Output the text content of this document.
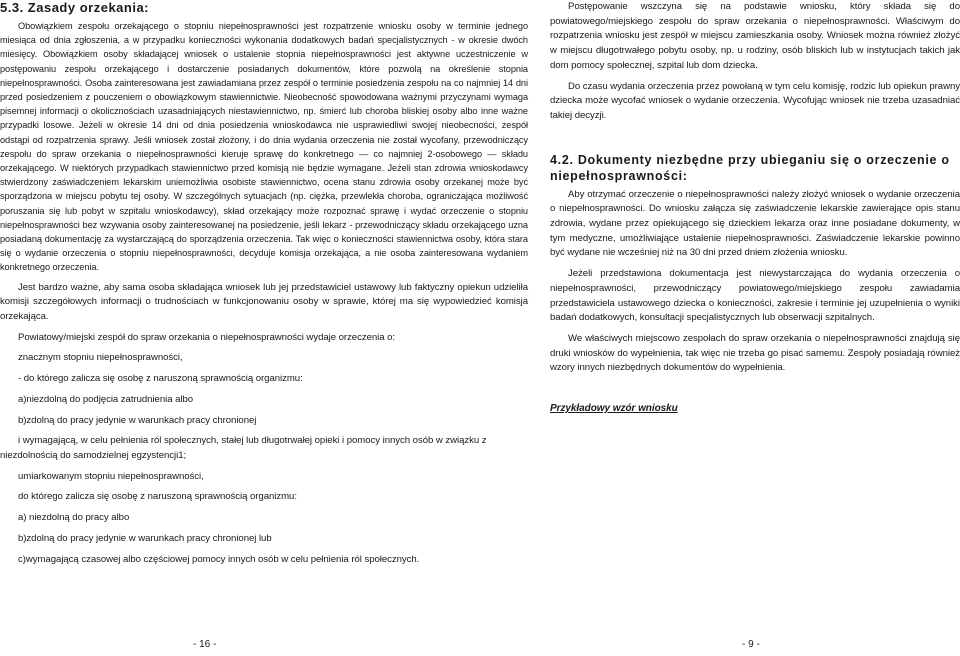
5.3. Zasady orzekania:

Obowiązkiem zespołu orzekającego o stopniu niepełnosprawności jest rozpatrzenie wniosku osoby w terminie jednego miesiąca od dnia zgłoszenia, a w przypadku konieczności wykonania dodatkowych badań specjalistycznych - w okresie dwóch miesięcy. Obowiązkiem osoby składającej wniosek o ustalenie stopnia niepełnosprawności jest aktywne uczestniczenie w postępowaniu zespołu orzekającego i dostarczenie posiadanych dokumentów, które pozwolą na określenie stopnia niepełnosprawności. Osoba zainteresowana jest zawiadamiana przez zespół o terminie posiedzenia zespołu na co najmniej 14 dni przed posiedzeniem z pouczeniem o obowiązkowym stawiennictwie. Nieobecność spowodowana ważnymi przyczynami wymaga pisemnej informacji o okolicznościach uzasadniających niestawiennictwo, np. śmierć lub choroba bliskiej osoby albo inne ważne przypadki losowe. Jeżeli w okresie 14 dni od dnia posiedzenia wnioskodawca nie usprawiedliwi swojej nieobecności, zespół odstąpi od rozpatrzenia sprawy. Jeśli wniosek został złożony, i do dnia wydania orzeczenia nie został wycofany, przewodniczący zespołu do spraw orzekania o niepełnosprawności kieruje sprawę do konkretnego — co najmniej 2-osobowego — składu orzekającego. W niektórych przypadkach stawiennictwo przed komisją nie będzie wymagane. Jeżeli stan zdrowia wnioskodawcy stwierdzony zaświadczeniem lekarskim uniemożliwia osobiste stawiennictwo, ocena stanu zdrowia osoby orzekanej może być sporządzona w miejscu pobytu tej osoby. W szczególnych sytuacjach (np. ciężka, przewlekła choroba, ograniczająca możliwość poruszania się lub pobyt w szpitalu wnioskodawcy), skład orzekający może rozpoznać sprawę i wydać orzeczenie o stopniu niepełnosprawności bez wzywania osoby zainteresowanej na posiedzenie, jeśli lekarz - przewodniczący składu orzekającego uzna posiadaną dokumentację za wystarczającą do sporządzenia orzeczenia. Tak więc o konieczności stawiennictwa osoby, która stara się o wydanie orzeczenia o stopniu niepełnosprawności, decyduje komisja orzekająca, a nie osoba zainteresowana wydaniem konkretnego orzeczenia.

Jest bardzo ważne, aby sama osoba składająca wniosek lub jej przedstawiciel ustawowy lub faktyczny opiekun udzieliła komisji szczegółowych informacji o trudnościach w funkcjonowaniu osoby w sprawie, której ma się wypowiedzieć komisja orzekająca.

Powiatowy/miejski zespół do spraw orzekania o niepełnosprawności wydaje orzeczenia o:

znacznym stopniu niepełnosprawności,

- do którego zalicza się osobę z naruszoną sprawnością organizmu:

a)niezdolną do podjęcia zatrudnienia albo

b)zdolną do pracy jedynie w warunkach pracy chronionej

i wymagającą, w celu pełnienia ról społecznych, stałej lub długotrwałej opieki i pomocy innych osób w związku z niezdolnością do samodzielnej egzystencji1;

umiarkowanym stopniu niepełnosprawności,

do którego zalicza się osobę z naruszoną sprawnością organizmu:

a) niezdolną do pracy albo

b)zdolną do pracy jedynie w warunkach pracy chronionej lub

c)wymagającą czasowej albo częściowej pomocy innych osób w celu pełnienia ról społecznych.

- 16 -

Postępowanie wszczyna się na podstawie wniosku, który składa się do powiatowego/miejskiego zespołu do spraw orzekania o niepełnosprawności. Właściwym do rozpatrzenia wniosku jest zespół w miejscu zamieszkania osoby. Wniosek można również złożyć w miejscu długotrwałego pobytu osoby, np. u rodziny, osób bliskich lub w instytucjach takich jak dom pomocy społecznej, szpital lub dom dziecka.

Do czasu wydania orzeczenia przez powołaną w tym celu komisję, rodzic lub opiekun prawny dziecka może wycofać wniosek o wydanie orzeczenia. Wycofując wniosek nie trzeba uzasadniać takiej decyzji.

4.2. Dokumenty niezbędne przy ubieganiu się o orzeczenie o niepełnosprawności:

Aby otrzymać orzeczenie o niepełnosprawności należy złożyć wniosek o wydanie orzeczenia o niepełnosprawności. Do wniosku załącza się zaświadczenie lekarskie zawierające opis stanu zdrowia, wydane przez opiekującego się dzieckiem lekarza oraz inne posiadane dokumenty, w tym medyczne, umożliwiające ustalenie niepełnosprawności. Zaświadczenie lekarskie powinno być wydane nie wcześniej niż na 30 dni przed dniem złożenia wniosku.

Jeżeli przedstawiona dokumentacja jest niewystarczająca do wydania orzeczenia o niepełnosprawności, przewodniczący powiatowego/miejskiego zespołu zawiadamia przedstawiciela ustawowego dziecka o konieczności, zakresie i terminie jej uzupełnienia o wyniki badań dodatkowych, konsultacji specjalistycznych lub obserwacji szpitalnych.

We właściwych miejscowo zespołach do spraw orzekania o niepełnosprawności znajdują się druki wniosków do wypełnienia, tak więc nie trzeba go pisać samemu. Zespoły posiadają również wzory innych niezbędnych dokumentów do wypełnienia.

Przykładowy wzór wniosku
- 9 -
